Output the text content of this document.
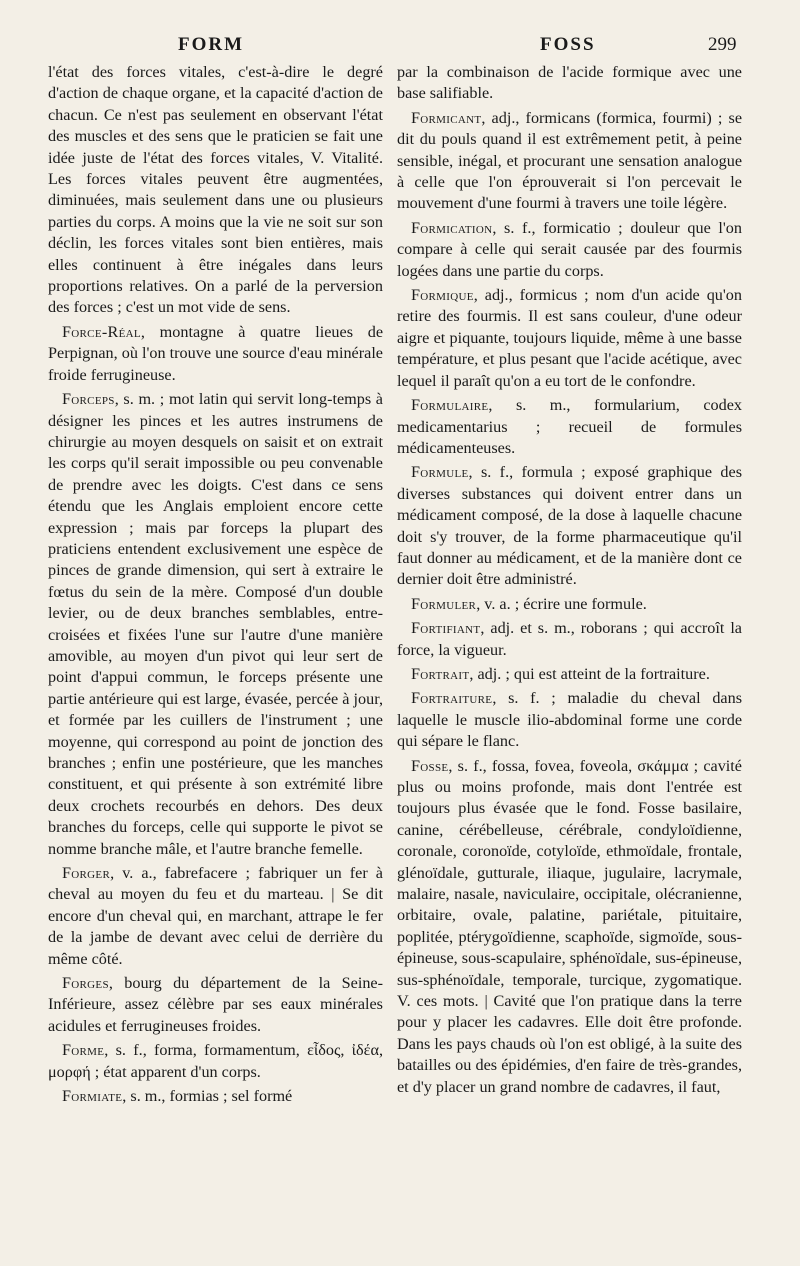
FORM	FOSS	299

l'état des forces vitales, c'est-à-dire le degré d'action de chaque organe, et la capacité d'action de chacun. Ce n'est pas seulement en observant l'état des muscles et des sens que le praticien se fait une idée juste de l'état des forces vitales, V. Vitalité. Les forces vitales peuvent être augmentées, diminuées, mais seulement dans une ou plusieurs parties du corps. A moins que la vie ne soit sur son déclin, les forces vitales sont bien entières, mais elles continuent à être inégales dans leurs proportions relatives. On a parlé de la perversion des forces ; c'est un mot vide de sens.

Force-Réal, montagne à quatre lieues de Perpignan, où l'on trouve une source d'eau minérale froide ferrugineuse.

Forceps, s. m. ; mot latin qui servit long-temps à désigner les pinces et les autres instrumens de chirurgie au moyen desquels on saisit et on extrait les corps qu'il serait impossible ou peu convenable de prendre avec les doigts. C'est dans ce sens étendu que les Anglais emploient encore cette expression ; mais par forceps la plupart des praticiens entendent exclusivement une espèce de pinces de grande dimension, qui sert à extraire le fœtus du sein de la mère. Composé d'un double levier, ou de deux branches semblables, entre-croisées et fixées l'une sur l'autre d'une manière amovible, au moyen d'un pivot qui leur sert de point d'appui commun, le forceps présente une partie antérieure qui est large, évasée, percée à jour, et formée par les cuillers de l'instrument ; une moyenne, qui correspond au point de jonction des branches ; enfin une postérieure, que les manches constituent, et qui présente à son extrémité libre deux crochets recourbés en dehors. Des deux branches du forceps, celle qui supporte le pivot se nomme branche mâle, et l'autre branche femelle.

Forger, v. a., fabrefacere ; fabriquer un fer à cheval au moyen du feu et du marteau. | Se dit encore d'un cheval qui, en marchant, attrape le fer de la jambe de devant avec celui de derrière du même côté.

Forges, bourg du département de la Seine-Inférieure, assez célèbre par ses eaux minérales acidules et ferrugineuses froides.

Forme, s. f., forma, formamentum, εἶδος, ἰδέα, μορφή ; état apparent d'un corps.

Formiate, s. m., formias ; sel formé

par la combinaison de l'acide formique avec une base salifiable.

Formicant, adj., formicans (formica, fourmi) ; se dit du pouls quand il est extrêmement petit, à peine sensible, inégal, et procurant une sensation analogue à celle que l'on éprouverait si l'on percevait le mouvement d'une fourmi à travers une toile légère.

Formication, s. f., formicatio ; douleur que l'on compare à celle qui serait causée par des fourmis logées dans une partie du corps.

Formique, adj., formicus ; nom d'un acide qu'on retire des fourmis. Il est sans couleur, d'une odeur aigre et piquante, toujours liquide, même à une basse température, et plus pesant que l'acide acétique, avec lequel il paraît qu'on a eu tort de le confondre.

Formulaire, s. m., formularium, codex medicamentarius ; recueil de formules médicamenteuses.

Formule, s. f., formula ; exposé graphique des diverses substances qui doivent entrer dans un médicament composé, de la dose à laquelle chacune doit s'y trouver, de la forme pharmaceutique qu'il faut donner au médicament, et de la manière dont ce dernier doit être administré.

Formuler, v. a. ; écrire une formule.

Fortifiant, adj. et s. m., roborans ; qui accroît la force, la vigueur.

Fortrait, adj. ; qui est atteint de la fortraiture.

Fortraiture, s. f. ; maladie du cheval dans laquelle le muscle ilio-abdominal forme une corde qui sépare le flanc.

Fosse, s. f., fossa, fovea, foveola, σκάμμα ; cavité plus ou moins profonde, mais dont l'entrée est toujours plus évasée que le fond. Fosse basilaire, canine, cérébelleuse, cérébrale, condyloïdienne, coronale, coronoïde, cotyloïde, ethmoïdale, frontale, glénoïdale, gutturale, iliaque, jugulaire, lacrymale, malaire, nasale, naviculaire, occipitale, olécranienne, orbitaire, ovale, palatine, pariétale, pituitaire, poplitée, ptérygoïdienne, scaphoïde, sigmoïde, sous-épineuse, sous-scapulaire, sphénoïdale, sus-épineuse, sus-sphénoïdale, temporale, turcique, zygomatique. V. ces mots. | Cavité que l'on pratique dans la terre pour y placer les cadavres. Elle doit être profonde. Dans les pays chauds où l'on est obligé, à la suite des batailles ou des épidémies, d'en faire de très-grandes, et d'y placer un grand nombre de cadavres, il faut,
